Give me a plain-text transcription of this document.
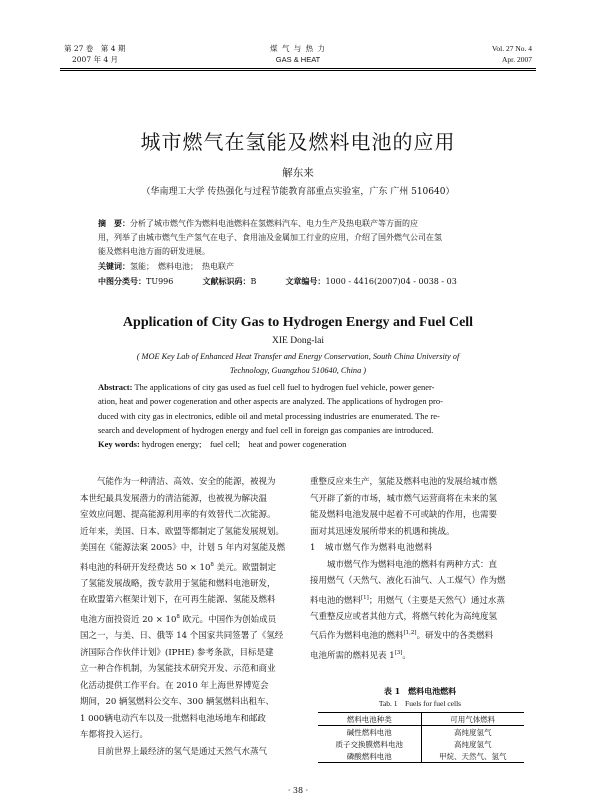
第 27 卷　第 4 期
2007 年 4 月
煤 气 与 热 力
GAS & HEAT
Vol. 27 No. 4
Apr. 2007
城市燃气在氢能及燃料电池的应用
解东来
（华南理工大学 传热强化与过程节能教育部重点实验室，广东 广州 510640）
摘　要：分析了城市燃气作为燃料电池燃料在氢燃料汽车、电力生产及热电联产等方面的应
用，列举了由城市燃气生产氢气在电子、食用油及金属加工行业的应用，介绍了国外燃气公司在氢
能及燃料电池方面的研发进展。
关键词：氢能；　燃料电池；　热电联产
中图分类号：TU996	文献标识码：B	文章编号：1000 - 4416(2007)04 - 0038 - 03
Application of City Gas to Hydrogen Energy and Fuel Cell
XIE Dong-lai
( MOE Key Lab of Enhanced Heat Transfer and Energy Conservation, South China University of
Technology, Guangzhou 510640, China )
Abstract: The applications of city gas used as fuel cell fuel to hydrogen fuel vehicle, power gener-
ation, heat and power cogeneration and other aspects are analyzed. The applications of hydrogen pro-
duced with city gas in electronics, edible oil and metal processing industries are enumerated. The re-
search and development of hydrogen energy and fuel cell in foreign gas companies are introduced.
Key words: hydrogen energy;　fuel cell;　heat and power cogeneration
气能作为一种清洁、高效、安全的能源，被视为
本世纪最具发展潜力的清洁能源，也被视为解决温
室效应问题、提高能源利用率的有效替代二次能源。
近年来，美国、日本、欧盟等都制定了氢能发展规划。
美国在《能源法案 2005》中，计划 5 年内对氢能及燃
料电池的科研开发经费达 $50 \times 10^8$ 美元。欧盟制定
了氢能发展战略，拨专款用于氢能和燃料电池研发，
在欧盟第六框架计划下，在可再生能源、氢能及燃料
电池方面投资近 $20 \times 10^8$ 欧元。中国作为创始成员
国之一，与美、日、俄等 14 个国家共同签署了《氢经
济国际合作伙伴计划》(IPHE) 参考条款，目标是建
立一种合作机制，为氢能技术研究开发、示范和商业
化活动提供工作平台。在 2010 年上海世界博览会
期间，20 辆氢燃料公交车、300 辆氢燃料出租车、
1 000辆电动汽车以及一批燃料电池场地车和邮政
车都将投入运行。
目前世界上最经济的氢气是通过天然气水蒸气
重整反应来生产，氢能及燃料电池的发展给城市燃
气开辟了新的市场，城市燃气运营商将在未来的氢
能及燃料电池发展中起着不可或缺的作用，也需要
面对其迅速发展所带来的机遇和挑战。
1　城市燃气作为燃料电池燃料
城市燃气作为燃料电池的燃料有两种方式：直
接用燃气（天然气、液化石油气、人工煤气）作为燃
料电池的燃料[1]；用燃气（主要是天然气）通过水蒸
气重整反应或者其他方式，将燃气转化为高纯度氢
气后作为燃料电池的燃料[1,2]。研发中的各类燃料
电池所需的燃料见表 1[3]。
表 1　燃料电池燃料
Tab. 1　Fuels for fuel cells
燃料电池种类	可用气体燃料
碱性燃料电池	高纯度氢气
质子交换膜燃料电池	高纯度氢气
磷酸燃料电池	甲烷、天然气、氢气
· 38 ·
